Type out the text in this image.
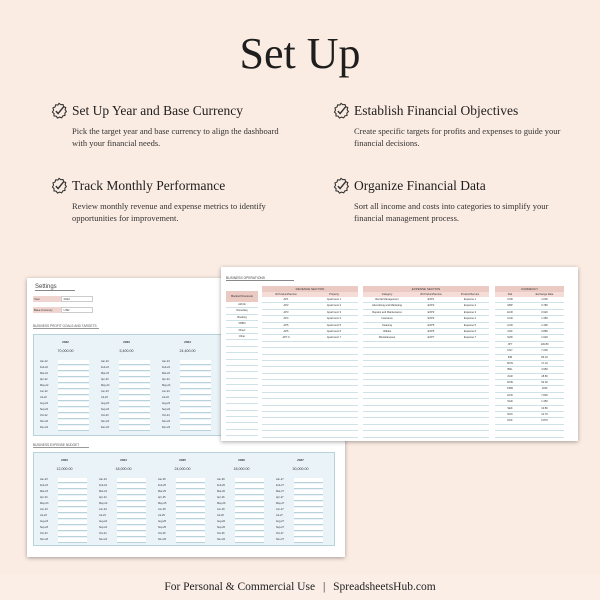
Set Up
Set Up Year and Base Currency
Pick the target year and base currency to align the dashboard with your financial needs.
Establish Financial Objectives
Create specific targets for profits and expenses to guide your financial decisions.
Track Monthly Performance
Review monthly revenue and expense metrics to identify opportunities for improvement.
Organize Financial Data
Sort all income and costs into categories to simplify your financial management process.
Settings
Year	2022
Base Currency	USD
BUSINESS PROFIT GOALS AND TARGETS
2022
70,000.00
Jan-22
Feb-22
Mar-22
Apr-22
May-22
Jun-22
Jul-22
Aug-22
Sep-22
Oct-22
Nov-22
Dec-22
2023
5,400.00
Jan-23
Feb-23
Mar-23
Apr-23
May-23
Jun-23
Jul-23
Aug-23
Sep-23
Oct-23
Nov-23
Dec-23
2024
24,400.00
Jan-24
Feb-24
Mar-24
Apr-24
May-24
Jun-24
Jul-24
Aug-24
Sep-24
Oct-24
Nov-24
Dec-24
BUSINESS EXPENSE BUDGET
2023
12,000.00
Jan-23
Feb-23
Mar-23
Apr-23
May-23
Jun-23
Jul-23
Aug-23
Sep-23
Oct-23
Nov-23
2024
18,000.00
Jan-24
Feb-24
Mar-24
Apr-24
May-24
Jun-24
Jul-24
Aug-24
Sep-24
Oct-24
Nov-24
2025
24,000.00
Jan-25
Feb-25
Mar-25
Apr-25
May-25
Jun-25
Jul-25
Aug-25
Sep-25
Oct-25
Nov-25
2026
18,000.00
Jan-26
Feb-26
Mar-26
Apr-26
May-26
Jun-26
Jul-26
Aug-26
Sep-26
Oct-26
Nov-26
2027
30,000.00
Jan-27
Feb-27
Mar-27
Apr-27
May-27
Jun-27
Jul-27
Aug-27
Sep-27
Oct-27
Nov-27
BUSINESS OPERATIONS
Banks/Channels
Airbnb
Ownerkey
Booking
VRBO
Direct
Other
REVENUE SECTION
ID Product/Service	Property
AP1	Apartment 1
AP2	Apartment 2
AP3	Apartment 3
AP4	Apartment 4
AP5	Apartment 5
AP6	Apartment 6
AP7.0	Apartment 7
EXPENSE SECTION
Category	ID Product/Service	Product/Service
Rental Management	EXP1	Expense 1
Advertising and Marketing	EXP2	Expense 2
Repairs and Maintenance	EXP3	Expense 3
Insurance	EXP4	Expense 4
Cleaning	EXP5	Expense 5
Utilities	EXP6	Expense 6
Miscellaneous	EXP7	Expense 7
CURRENCY
Pair	Exchange Rate
USD	1.000
GBP	0.780
EUR	0.920
CAD	1.350
AUD	1.490
CHF	0.880
NZD	1.620
JPY	149.80
CNY	7.230
INR	83.10
MXN	17.10
BRL	4.950
ZAR	18.80
RUB	92.30
KRW	1330
HKD	7.820
SGD	1.350
SEK	10.80
NOK	10.70
DKK	6.870
For Personal & Commercial Use | SpreadsheetsHub.com
